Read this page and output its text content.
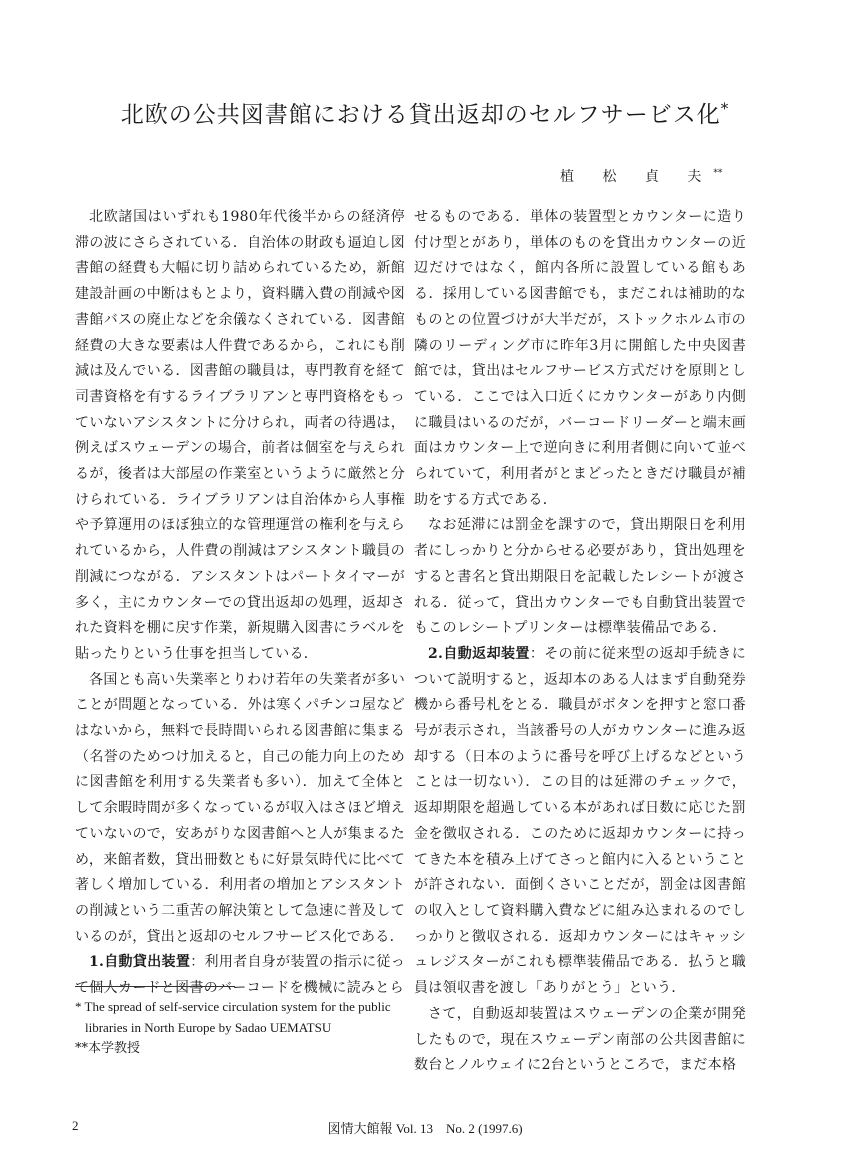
北欧の公共図書館における貸出返却のセルフサービス化*
植 松 貞 夫**

北欧諸国はいずれも1980年代後半からの経済停滞の波にさらされている．自治体の財政も逼迫し図書館の経費も大幅に切り詰められているため，新館建設計画の中断はもとより，資料購入費の削減や図書館バスの廃止などを余儀なくされている．図書館経費の大きな要素は人件費であるから，これにも削減は及んでいる．図書館の職員は，専門教育を経て司書資格を有するライブラリアンと専門資格をもっていないアシスタントに分けられ，両者の待遇は，例えばスウェーデンの場合，前者は個室を与えられるが，後者は大部屋の作業室というように厳然と分けられている．ライブラリアンは自治体から人事権や予算運用のほぼ独立的な管理運営の権利を与えられているから，人件費の削減はアシスタント職員の削減につながる．アシスタントはパートタイマーが多く，主にカウンターでの貸出返却の処理，返却された資料を棚に戻す作業，新規購入図書にラベルを貼ったりという仕事を担当している．

各国とも高い失業率とりわけ若年の失業者が多いことが問題となっている．外は寒くパチンコ屋などはないから，無料で長時間いられる図書館に集まる（名誉のためつけ加えると，自己の能力向上のために図書館を利用する失業者も多い）．加えて全体として余暇時間が多くなっているが収入はさほど増えていないので，安あがりな図書館へと人が集まるため，来館者数，貸出冊数ともに好景気時代に比べて著しく増加している．利用者の増加とアシスタントの削減という二重苦の解決策として急速に普及しているのが，貸出と返却のセルフサービス化である．

1.自動貸出装置：利用者自身が装置の指示に従って個人カードと図書のバーコードを機械に読みとら

せるものである．単体の装置型とカウンターに造り付け型とがあり，単体のものを貸出カウンターの近辺だけではなく，館内各所に設置している館もある．採用している図書館でも，まだこれは補助的なものとの位置づけが大半だが，ストックホルム市の隣のリーディング市に昨年3月に開館した中央図書館では，貸出はセルフサービス方式だけを原則としている．ここでは入口近くにカウンターがあり内側に職員はいるのだが，バーコードリーダーと端末画面はカウンター上で逆向きに利用者側に向いて並べられていて，利用者がとまどったときだけ職員が補助をする方式である．

なお延滞には罰金を課すので，貸出期限日を利用者にしっかりと分からせる必要があり，貸出処理をすると書名と貸出期限日を記載したレシートが渡される．従って，貸出カウンターでも自動貸出装置でもこのレシートプリンターは標準装備品である．

2.自動返却装置：その前に従来型の返却手続きについて説明すると，返却本のある人はまず自動発券機から番号札をとる．職員がボタンを押すと窓口番号が表示され，当該番号の人がカウンターに進み返却する（日本のように番号を呼び上げるなどということは一切ない）．この目的は延滞のチェックで，返却期限を超過している本があれば日数に応じた罰金を徴収される．このために返却カウンターに持ってきた本を積み上げてさっと館内に入るということが許されない．面倒くさいことだが，罰金は図書館の収入として資料購入費などに組み込まれるのでしっかりと徴収される．返却カウンターにはキャッシュレジスターがこれも標準装備品である．払うと職員は領収書を渡し「ありがとう」という．

さて，自動返却装置はスウェーデンの企業が開発したもので，現在スウェーデン南部の公共図書館に数台とノルウェイに2台というところで，まだ本格

* The spread of self-service circulation system for the public libraries in North Europe by Sadao UEMATSU

**本学教授

2	図情大館報 Vol. 13　No. 2 (1997.6)
